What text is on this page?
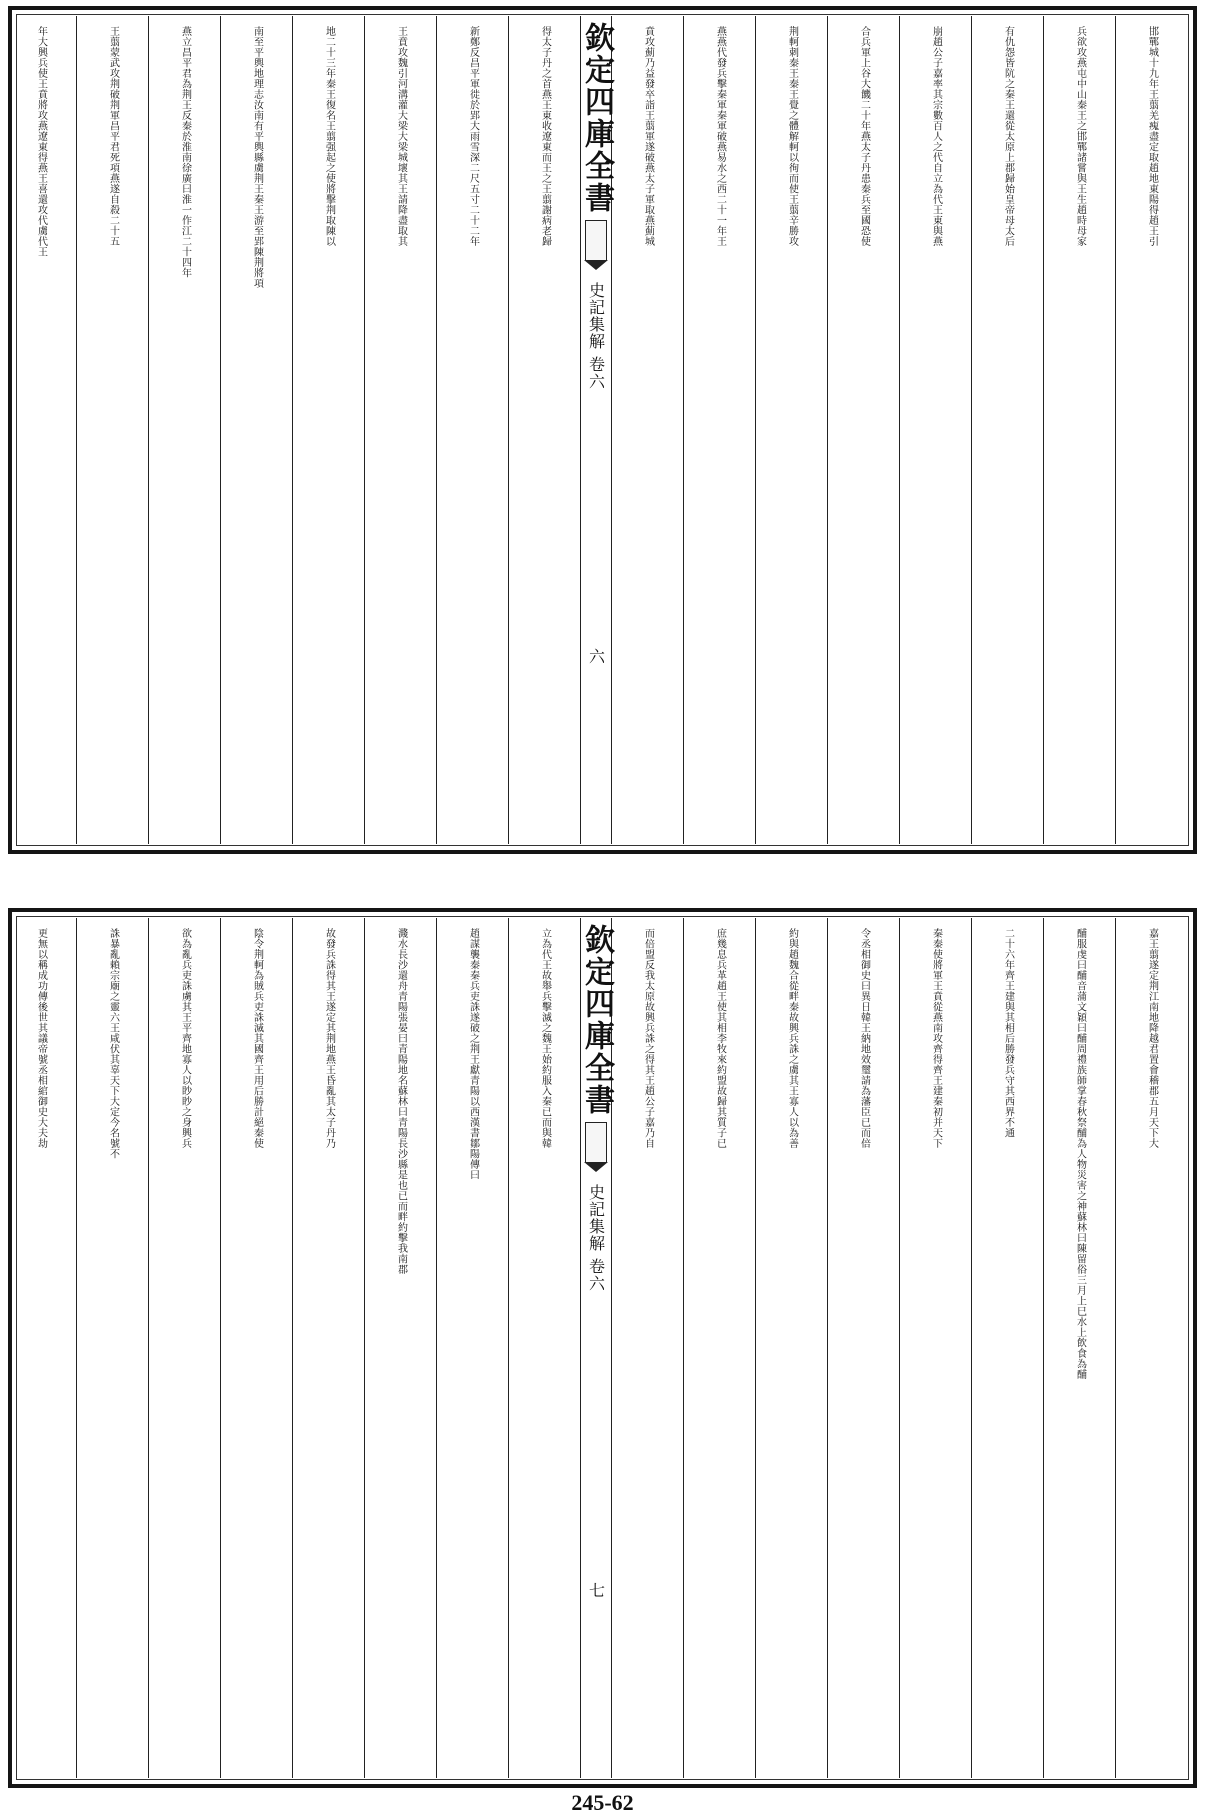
邯鄲城十九年王翦羌瘣盡定取趙地東陽得趙王引
兵欲攻燕屯中山秦王之邯鄲諸嘗與王生趙時母家
有仇怨皆阬之秦王還從太原上郡歸始皇帝母太后
崩趙公子嘉率其宗數百人之代自立為代王東與燕
合兵軍上谷大饑二十年燕太子丹患秦兵至國恐使
荆軻刺秦王秦王覺之體解軻以徇而使王翦辛勝攻
燕燕代發兵擊秦軍秦軍破燕易水之西二十一年王
賁攻薊乃益發卒詣王翦軍遂破燕太子軍取燕薊城
欽定四庫全書
史記集解 卷六
六
得太子丹之首燕王東收遼東而王之王翦謝病老歸
新鄭反昌平軍徙於郢大雨雪深二尺五寸二十二年
王賁攻魏引河溝灌大梁大梁城壞其王請降盡取其
地二十三年秦王復名王翦强起之使將擊荆取陳以
南至平輿地理志汝南有平輿縣虜荆王秦王游至郢陳荆將項
燕立昌平君為荆王反秦於淮南徐廣曰淮一作江二十四年
王翦蒙武攻荆破荆軍昌平君死項燕遂自殺二十五
年大興兵使王賁將攻燕遼東得燕王喜還攻代虜代王
嘉王翦遂定荆江南地降越君置會稽郡五月天下大
酺服虔曰酺音蒲文穎曰酺周禮族師掌春秋祭酺為人物災害之神蘇林曰陳留俗三月上巳水上飲食為酺
二十六年齊王建與其相后勝發兵守其西界不通
秦秦使將軍王賁從燕南攻齊得齊王建秦初并天下
令丞相御史曰異日韓王納地效璽請為藩臣已而倍
約與趙魏合從畔秦故興兵誅之虜其王寡人以為善
庶幾息兵革趙王使其相李牧來約盟故歸其質子已
而倍盟反我太原故興兵誅之得其王趙公子嘉乃自
欽定四庫全書
史記集解 卷六
七
立為代王故舉兵擊滅之魏王始約服入秦已而與韓
趙謀襲秦秦兵吏誅遂破之荆王獻青陽以西漢書鄒陽傳曰
濺水長沙還舟青陽張晏曰青陽地名蘇林曰青陽長沙縣是也已而畔約擊我南郡
故發兵誅得其王遂定其荆地燕王昏亂其太子丹乃
陰令荆軻為賊兵吏誅滅其國齊王用后勝計絕秦使
欲為亂兵吏誅虜其王平齊地寡人以眇眇之身興兵
誅暴亂賴宗廟之靈六王咸伏其辜天下大定今名號不
更無以稱成功傳後世其議帝號丞相綰御史大夫劫
245-62
